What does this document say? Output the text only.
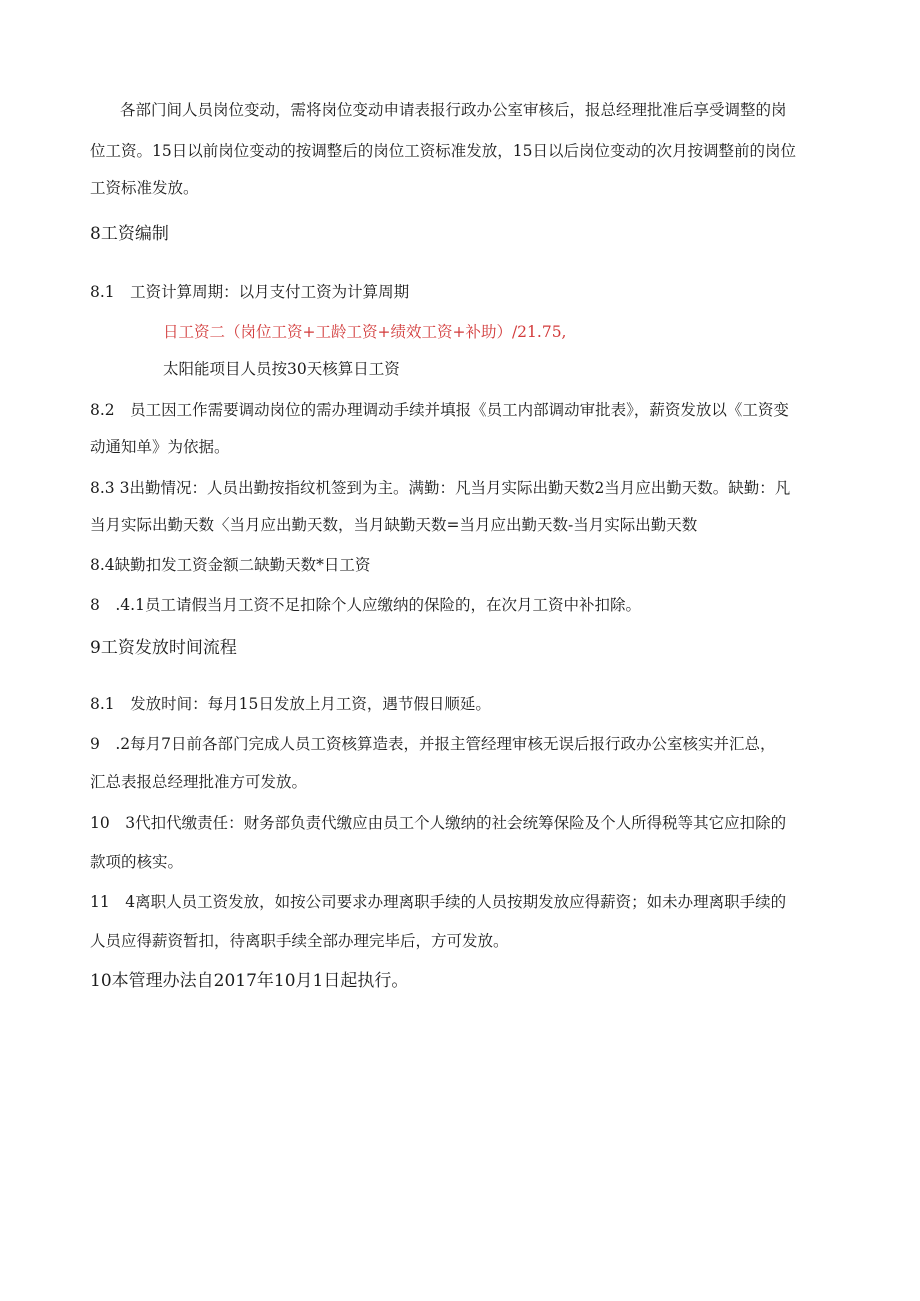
各部门间人员岗位变动，需将岗位变动申请表报行政办公室审核后，报总经理批准后享受调整的岗
位工资。15日以前岗位变动的按调整后的岗位工资标准发放，15日以后岗位变动的次月按调整前的岗位
工资标准发放。
8工资编制
8.1　工资计算周期：以月支付工资为计算周期
日工资二（岗位工资+工龄工资+绩效工资+补助）/21.75,
太阳能项目人员按30天核算日工资
8.2　员工因工作需要调动岗位的需办理调动手续并填报《员工内部调动审批表》，薪资发放以《工资变
动通知单》为依据。
8.3 3出勤情况：人员出勤按指纹机签到为主。满勤：凡当月实际出勤天数2当月应出勤天数。缺勤：凡
当月实际出勤天数〈当月应出勤天数，当月缺勤天数=当月应出勤天数-当月实际出勤天数
8.4缺勤扣发工资金额二缺勤天数*日工资
8　.4.1员工请假当月工资不足扣除个人应缴纳的保险的，在次月工资中补扣除。
9工资发放时间流程
8.1　发放时间：每月15日发放上月工资，遇节假日顺延。
9　.2每月7日前各部门完成人员工资核算造表，并报主管经理审核无误后报行政办公室核实并汇总，
汇总表报总经理批准方可发放。
10　3代扣代缴责任：财务部负责代缴应由员工个人缴纳的社会统筹保险及个人所得税等其它应扣除的
款项的核实。
11　4离职人员工资发放，如按公司要求办理离职手续的人员按期发放应得薪资；如未办理离职手续的
人员应得薪资暂扣，待离职手续全部办理完毕后，方可发放。
10本管理办法自2017年10月1日起执行。
